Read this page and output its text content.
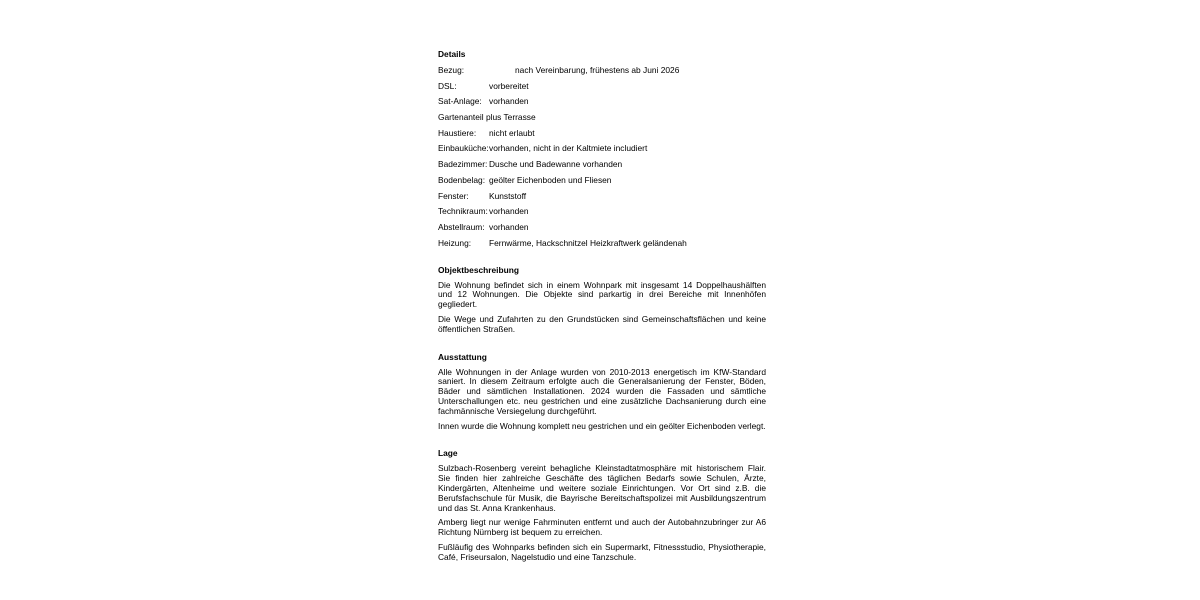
Details
Bezug:	nach Vereinbarung, frühestens ab Juni 2026
DSL:	vorbereitet
Sat-Anlage: vorhanden
Gartenanteil plus Terrasse
Haustiere:	nicht erlaubt
Einbauküche: vorhanden, nicht in der Kaltmiete includiert
Badezimmer: Dusche und Badewanne vorhanden
Bodenbelag: geölter Eichenboden und Fliesen
Fenster:	Kunststoff
Technikraum: vorhanden
Abstellraum: vorhanden
Heizung:	Fernwärme, Hackschnitzel Heizkraftwerk geländenah
Objektbeschreibung

Die Wohnung befindet sich in einem Wohnpark mit insgesamt 14 Doppelhaushälften und 12 Wohnungen. Die Objekte sind parkartig in drei Bereiche mit Innenhöfen gegliedert.

Die Wege und Zufahrten zu den Grundstücken sind Gemeinschaftsflächen und keine öffentlichen Straßen.

Ausstattung

Alle Wohnungen in der Anlage wurden von 2010-2013 energetisch im KfW-Standard saniert. In diesem Zeitraum erfolgte auch die Generalsanierung der Fenster, Böden, Bäder und sämtlichen Installationen. 2024 wurden die Fassaden und sämtliche Unterschallungen etc. neu gestrichen und eine zusätzliche Dachsanierung durch eine fachmännische Versiegelung durchgeführt.

Innen wurde die Wohnung komplett neu gestrichen und ein geölter Eichenboden verlegt.

Lage

Sulzbach-Rosenberg vereint behagliche Kleinstadtatmosphäre mit historischem Flair. Sie finden hier zahlreiche Geschäfte des täglichen Bedarfs sowie Schulen, Ärzte, Kindergärten, Altenheime und weitere soziale Einrichtungen. Vor Ort sind z.B. die Berufsfachschule für Musik, die Bayrische Bereitschaftspolizei mit Ausbildungszentrum und das St. Anna Krankenhaus.

Amberg liegt nur wenige Fahrminuten entfernt und auch der Autobahnzubringer zur A6 Richtung Nürnberg ist bequem zu erreichen.

Fußläufig des Wohnparks befinden sich ein Supermarkt, Fitnessstudio, Physiotherapie, Café, Friseursalon, Nagelstudio und eine Tanzschule.
